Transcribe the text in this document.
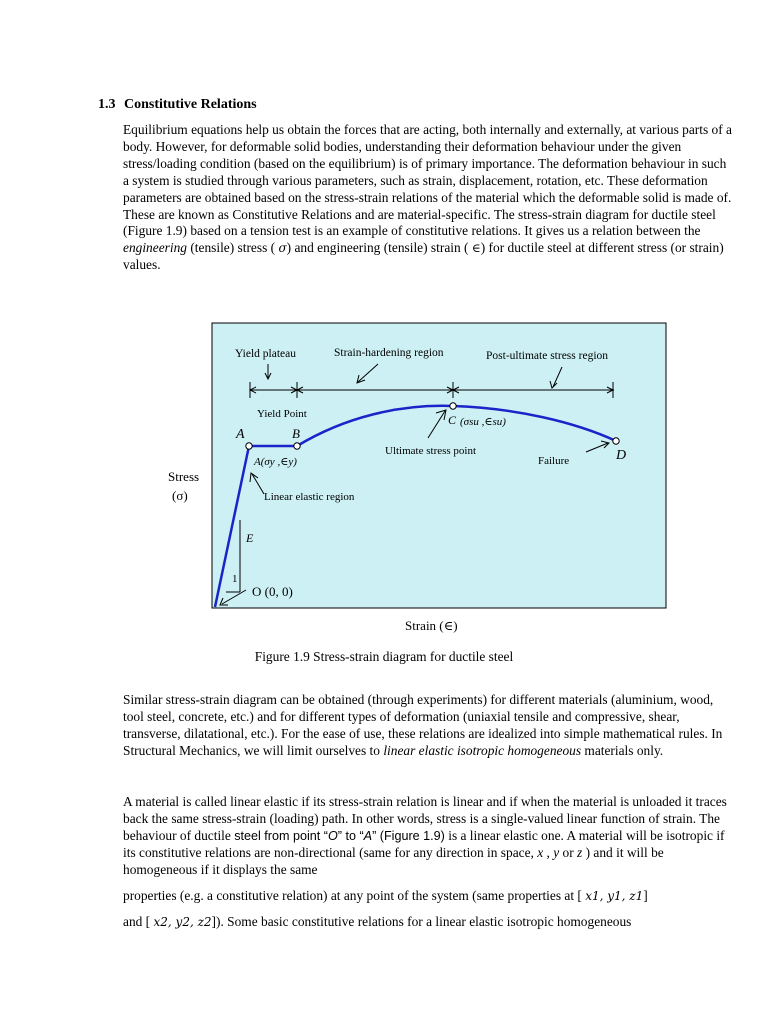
1.3 Constitutive Relations
Equilibrium equations help us obtain the forces that are acting, both internally and externally, at various parts of a body. However, for deformable solid bodies, understanding their deformation behaviour under the given stress/loading condition (based on the equilibrium) is of primary importance. The deformation behaviour in such a system is studied through various parameters, such as strain, displacement, rotation, etc. These deformation parameters are obtained based on the stress-strain relations of the material which the deformable solid is made of. These are known as Constitutive Relations and are material-specific. The stress-strain diagram for ductile steel (Figure 1.9) based on a tension test is an example of constitutive relations. It gives us a relation between the engineering (tensile) stress ( σ) and engineering (tensile) strain ( ∈) for ductile steel at different stress (or strain) values.
Yield plateau	Strain-hardening region	Post-ultimate stress region
Yield Point
A	B
C (σsu ,∈su)
D
A(σy ,∈y)
Ultimate stress point
Failure
Linear elastic region
E
1
O (0, 0)
Stress
(σ)
Strain (∈)
Figure 1.9 Stress-strain diagram for ductile steel
Similar stress-strain diagram can be obtained (through experiments) for different materials (aluminium, wood, tool steel, concrete, etc.) and for different types of deformation (uniaxial tensile and compressive, shear, transverse, dilatational, etc.). For the ease of use, these relations are idealized into simple mathematical rules. In Structural Mechanics, we will limit ourselves to linear elastic isotropic homogeneous materials only.
A material is called linear elastic if its stress-strain relation is linear and if when the material is unloaded it traces back the same stress-strain (loading) path. In other words, stress is a single-valued linear function of strain. The behaviour of ductile steel from point “O” to “A” (Figure 1.9) is a linear elastic one. A material will be isotropic if its constitutive relations are non-directional (same for any direction in space, x , y or z ) and it will be homogeneous if it displays the same
properties (e.g. a constitutive relation) at any point of the system (same properties at [ x1, y1, z1]
and [ x2, y2, z2]). Some basic constitutive relations for a linear elastic isotropic homogeneous
